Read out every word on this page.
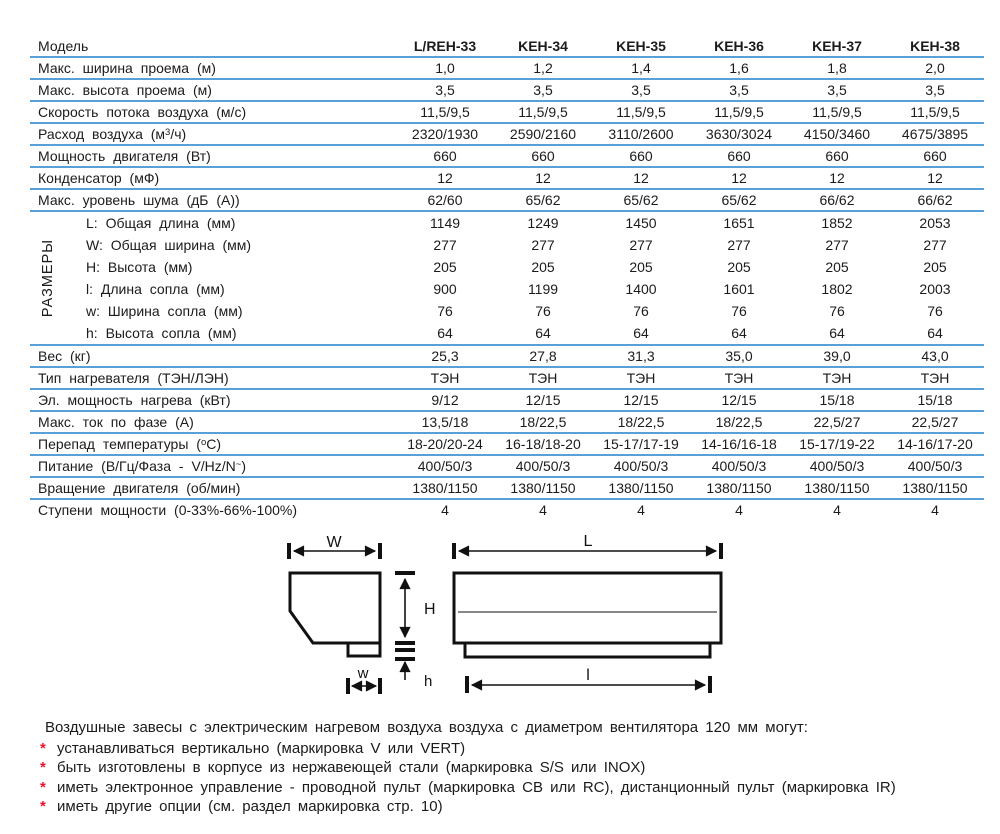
Модель	L/REH-33	KEH-34	KEH-35	KEH-36	KEH-37	KEH-38
Макс. ширина проема (м)	1,0	1,2	1,4	1,6	1,8	2,0
Макс. высота проема (м)	3,5	3,5	3,5	3,5	3,5	3,5
Скорость потока воздуха (м/с)	11,5/9,5	11,5/9,5	11,5/9,5	11,5/9,5	11,5/9,5	11,5/9,5
Расход воздуха $(м^3/ч)$	2320/1930	2590/2160	3110/2600	3630/3024	4150/3460	4675/3895
Мощность двигателя (Вт)	660	660	660	660	660	660
Конденсатор (мФ)	12	12	12	12	12	12
Макс. уровень шума (дБ (А))	62/60	65/62	65/62	65/62	66/62	66/62
РАЗМЕРЫ
L: Общая длина (мм)	1149	1249	1450	1651	1852	2053
W: Общая ширина (мм)	277	277	277	277	277	277
H: Высота (мм)	205	205	205	205	205	205
l: Длина сопла (мм)	900	1199	1400	1601	1802	2003
w: Ширина сопла (мм)	76	76	76	76	76	76
h: Высота сопла (мм)	64	64	64	64	64	64
Вес (кг)	25,3	27,8	31,3	35,0	39,0	43,0
Тип нагревателя (ТЭН/ЛЭН)	ТЭН	ТЭН	ТЭН	ТЭН	ТЭН	ТЭН
Эл. мощность нагрева (кВт)	9/12	12/15	12/15	12/15	15/18	15/18
Макс. ток по фазе (А)	13,5/18	18/22,5	18/22,5	18/22,5	22,5/27	22,5/27
Перепад температуры ($^о$С)	18-20/20-24	16-18/18-20	15-17/17-19	14-16/16-18	15-17/19-22	14-16/17-20
Питание (В/Гц/Фаза - V/Hz/N~)	400/50/3	400/50/3	400/50/3	400/50/3	400/50/3	400/50/3
Вращение двигателя (об/мин)	1380/1150	1380/1150	1380/1150	1380/1150	1380/1150	1380/1150
Ступени мощности (0-33%-66%-100%)	4	4	4	4	4	4
W
H
h
w
L
l
Воздушные завесы с электрическим нагревом воздуха воздуха с диаметром вентилятора 120 мм могут:
* устанавливаться вертикально (маркировка V или VERT)
* быть изготовлены в корпусе из нержавеющей стали (маркировка S/S или INOX)
* иметь электронное управление - проводной пульт (маркировка CB или RC), дистанционный пульт (маркировка IR)
* иметь другие опции (см. раздел маркировка стр. 10)
